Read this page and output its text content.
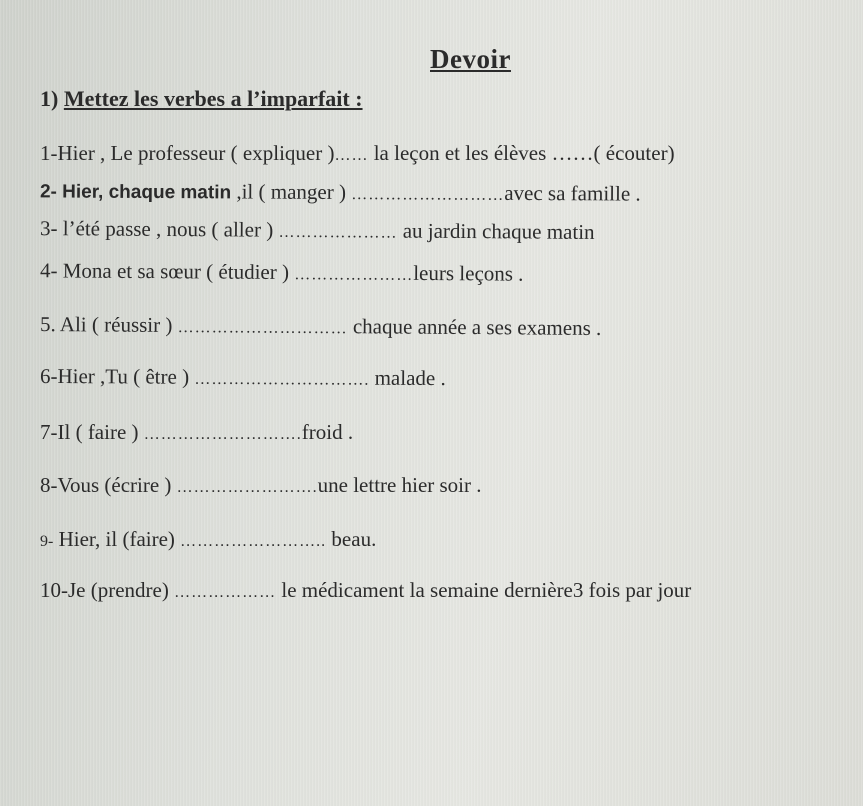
Devoir
1) Mettez les verbes a l’imparfait :
1-Hier , Le professeur ( expliquer )…… la leçon et les élèves ……( écouter)
2- Hier, chaque matin ,il ( manger ) ………………………avec sa famille .
3- l’été passe , nous ( aller ) ………………… au jardin chaque matin
4- Mona et sa sœur ( étudier ) …………………leurs leçons .
5. Ali ( réussir ) ………………………… chaque année a ses examens .
6-Hier ,Tu ( être ) …………………………. malade .
7-Il ( faire ) ……………………….froid .
8-Vous (écrire ) …………………….une lettre hier soir .
9- Hier, il (faire) …………………….. beau.
10-Je (prendre) ……………… le médicament la semaine dernière3 fois par jour
